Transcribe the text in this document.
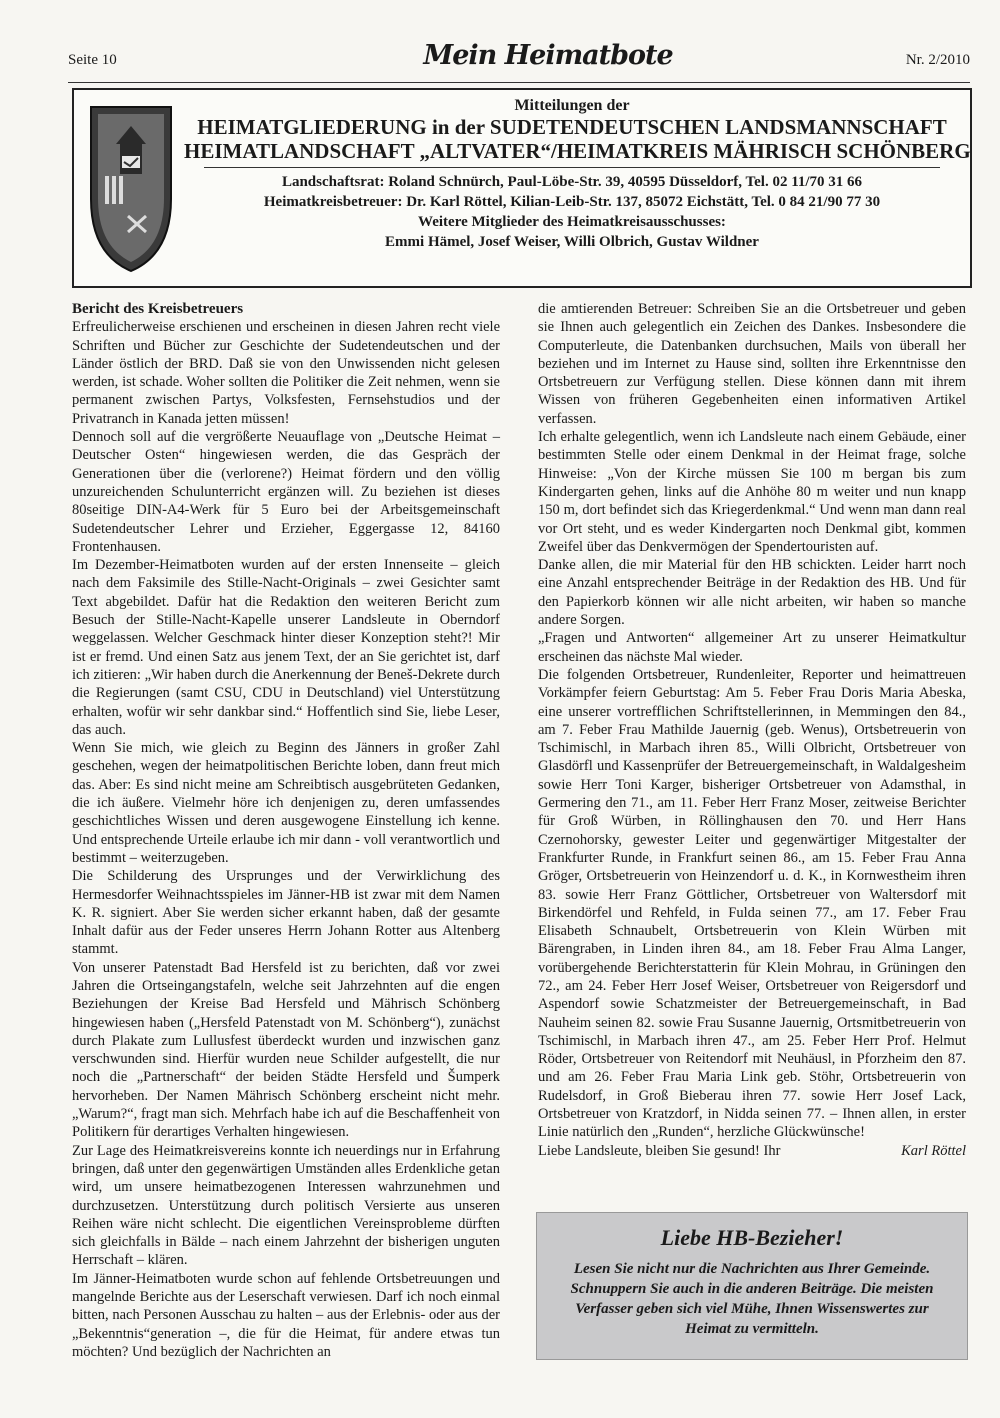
Seite 10	Mein Heimatbote	Nr. 2/2010
Mitteilungen der
HEIMATGLIEDERUNG in der SUDETENDEUTSCHEN LANDSMANNSCHAFT
HEIMATLANDSCHAFT „ALTVATER“/HEIMATKREIS MÄHRISCH SCHÖNBERG
Landschaftsrat: Roland Schnürch, Paul-Löbe-Str. 39, 40595 Düsseldorf, Tel. 02 11/70 31 66
Heimatkreisbetreuer: Dr. Karl Röttel, Kilian-Leib-Str. 137, 85072 Eichstätt, Tel. 0 84 21/90 77 30
Weitere Mitglieder des Heimatkreisausschusses:
Emmi Hämel, Josef Weiser, Willi Olbrich, Gustav Wildner

Bericht des Kreisbetreuers

Erfreulicherweise erschienen und erscheinen in diesen Jahren recht viele Schriften und Bücher zur Geschichte der Sudetendeutschen und der Länder östlich der BRD. Daß sie von den Unwissenden nicht gelesen werden, ist schade. Woher sollten die Politiker die Zeit nehmen, wenn sie permanent zwischen Partys, Volksfesten, Fernsehstudios und der Privatranch in Kanada jetten müssen!

Dennoch soll auf die vergrößerte Neuauflage von „Deutsche Heimat – Deutscher Osten“ hingewiesen werden, die das Gespräch der Generationen über die (verlorene?) Heimat fördern und den völlig unzureichenden Schulunterricht ergänzen will. Zu beziehen ist dieses 80seitige DIN-A4-Werk für 5 Euro bei der Arbeitsgemeinschaft Sudetendeutscher Lehrer und Erzieher, Eggergasse 12, 84160 Frontenhausen.

Im Dezember-Heimatboten wurden auf der ersten Innenseite – gleich nach dem Faksimile des Stille-Nacht-Originals – zwei Gesichter samt Text abgebildet. Dafür hat die Redaktion den weiteren Bericht zum Besuch der Stille-Nacht-Kapelle unserer Landsleute in Oberndorf weggelassen. Welcher Geschmack hinter dieser Konzeption steht?! Mir ist er fremd. Und einen Satz aus jenem Text, der an Sie gerichtet ist, darf ich zitieren: „Wir haben durch die Anerkennung der Beneš-Dekrete durch die Regierungen (samt CSU, CDU in Deutschland) viel Unterstützung erhalten, wofür wir sehr dankbar sind.“ Hoffentlich sind Sie, liebe Leser, das auch.

Wenn Sie mich, wie gleich zu Beginn des Jänners in großer Zahl geschehen, wegen der heimatpolitischen Berichte loben, dann freut mich das. Aber: Es sind nicht meine am Schreibtisch ausgebrüteten Gedanken, die ich äußere. Vielmehr höre ich denjenigen zu, deren umfassendes geschichtliches Wissen und deren ausgewogene Einstellung ich kenne. Und entsprechende Urteile erlaube ich mir dann - voll verantwortlich und bestimmt – weiterzugeben.

Die Schilderung des Ursprunges und der Verwirklichung des Hermesdorfer Weihnachtsspieles im Jänner-HB ist zwar mit dem Namen K. R. signiert. Aber Sie werden sicher erkannt haben, daß der gesamte Inhalt dafür aus der Feder unseres Herrn Johann Rotter aus Altenberg stammt.

Von unserer Patenstadt Bad Hersfeld ist zu berichten, daß vor zwei Jahren die Ortseingangstafeln, welche seit Jahrzehnten auf die engen Beziehungen der Kreise Bad Hersfeld und Mährisch Schönberg hingewiesen haben („Hersfeld Patenstadt von M. Schönberg“), zunächst durch Plakate zum Lullusfest überdeckt wurden und inzwischen ganz verschwunden sind. Hierfür wurden neue Schilder aufgestellt, die nur noch die „Partnerschaft“ der beiden Städte Hersfeld und Šumperk hervorheben. Der Namen Mährisch Schönberg erscheint nicht mehr. „Warum?“, fragt man sich. Mehrfach habe ich auf die Beschaffenheit von Politikern für derartiges Verhalten hingewiesen.

Zur Lage des Heimatkreisvereins konnte ich neuerdings nur in Erfahrung bringen, daß unter den gegenwärtigen Umständen alles Erdenkliche getan wird, um unsere heimatbezogenen Interessen wahrzunehmen und durchzusetzen. Unterstützung durch politisch Versierte aus unseren Reihen wäre nicht schlecht. Die eigentlichen Vereinsprobleme dürften sich gleichfalls in Bälde – nach einem Jahrzehnt der bisherigen unguten Herrschaft – klären.

Im Jänner-Heimatboten wurde schon auf fehlende Ortsbetreuungen und mangelnde Berichte aus der Leserschaft verwiesen. Darf ich noch einmal bitten, nach Personen Ausschau zu halten – aus der Erlebnis- oder aus der „Bekenntnis“generation –, die für die Heimat, für andere etwas tun möchten? Und bezüglich der Nachrichten an

die amtierenden Betreuer: Schreiben Sie an die Ortsbetreuer und geben sie Ihnen auch gelegentlich ein Zeichen des Dankes. Insbesondere die Computerleute, die Datenbanken durchsuchen, Mails von überall her beziehen und im Internet zu Hause sind, sollten ihre Erkenntnisse den Ortsbetreuern zur Verfügung stellen. Diese können dann mit ihrem Wissen von früheren Gegebenheiten einen informativen Artikel verfassen.

Ich erhalte gelegentlich, wenn ich Landsleute nach einem Gebäude, einer bestimmten Stelle oder einem Denkmal in der Heimat frage, solche Hinweise: „Von der Kirche müssen Sie 100 m bergan bis zum Kindergarten gehen, links auf die Anhöhe 80 m weiter und nun knapp 150 m, dort befindet sich das Kriegerdenkmal.“ Und wenn man dann real vor Ort steht, und es weder Kindergarten noch Denkmal gibt, kommen Zweifel über das Denkvermögen der Spendertouristen auf.

Danke allen, die mir Material für den HB schickten. Leider harrt noch eine Anzahl entsprechender Beiträge in der Redaktion des HB. Und für den Papierkorb können wir alle nicht arbeiten, wir haben so manche andere Sorgen.

„Fragen und Antworten“ allgemeiner Art zu unserer Heimatkultur erscheinen das nächste Mal wieder.

Die folgenden Ortsbetreuer, Rundenleiter, Reporter und heimattreuen Vorkämpfer feiern Geburtstag: Am 5. Feber Frau Doris Maria Abeska, eine unserer vortrefflichen Schriftstellerinnen, in Memmingen den 84., am 7. Feber Frau Mathilde Jauernig (geb. Wenus), Ortsbetreuerin von Tschimischl, in Marbach ihren 85., Willi Olbricht, Ortsbetreuer von Glasdörfl und Kassenprüfer der Betreuergemeinschaft, in Waldalgesheim sowie Herr Toni Karger, bisheriger Ortsbetreuer von Adamsthal, in Germering den 71., am 11. Feber Herr Franz Moser, zeitweise Berichter für Groß Würben, in Röllinghausen den 70. und Herr Hans Czernohorsky, gewester Leiter und gegenwärtiger Mitgestalter der Frankfurter Runde, in Frankfurt seinen 86., am 15. Feber Frau Anna Gröger, Ortsbetreuerin von Heinzendorf u. d. K., in Kornwestheim ihren 83. sowie Herr Franz Göttlicher, Ortsbetreuer von Waltersdorf mit Birkendörfel und Rehfeld, in Fulda seinen 77., am 17. Feber Frau Elisabeth Schnaubelt, Ortsbetreuerin von Klein Würben mit Bärengraben, in Linden ihren 84., am 18. Feber Frau Alma Langer, vorübergehende Berichterstatterin für Klein Mohrau, in Grüningen den 72., am 24. Feber Herr Josef Weiser, Ortsbetreuer von Reigersdorf und Aspendorf sowie Schatzmeister der Betreuergemeinschaft, in Bad Nauheim seinen 82. sowie Frau Susanne Jauernig, Ortsmitbetreuerin von Tschimischl, in Marbach ihren 47., am 25. Feber Herr Prof. Helmut Röder, Ortsbetreuer von Reitendorf mit Neuhäusl, in Pforzheim den 87. und am 26. Feber Frau Maria Link geb. Stöhr, Ortsbetreuerin von Rudelsdorf, in Groß Bieberau ihren 77. sowie Herr Josef Lack, Ortsbetreuer von Kratzdorf, in Nidda seinen 77. – Ihnen allen, in erster Linie natürlich den „Runden“, herzliche Glückwünsche!

Liebe Landsleute, bleiben Sie gesund! Ihr	Karl Röttel

Liebe HB-Bezieher!
Lesen Sie nicht nur die Nachrichten aus Ihrer Gemeinde. Schnuppern Sie auch in die anderen Beiträge. Die meisten Verfasser geben sich viel Mühe, Ihnen Wissenswertes zur Heimat zu vermitteln.
